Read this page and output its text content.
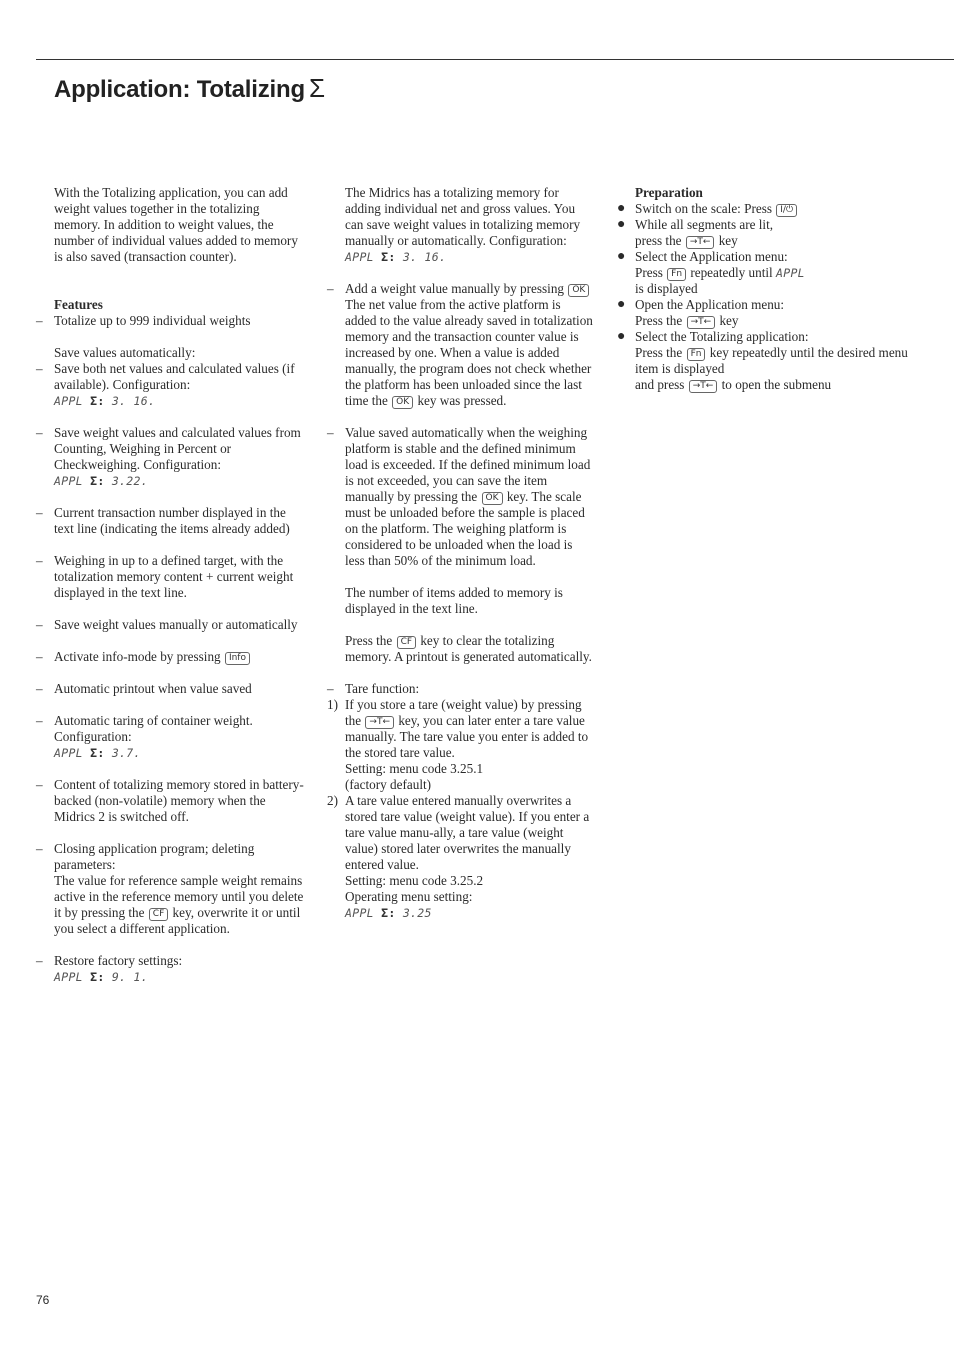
Application: Totalizing Σ

With the Totalizing application, you can add weight values together in the totalizing memory. In addition to weight values, the number of individual values added to memory is also saved (transaction counter).

Features

– Totalize up to 999 individual weights

Save values automatically:

– Save both net values and calculated values (if available). Configuration:
APPL Σ: 3. 16.
– Save weight values and calculated values from Counting, Weighing in Percent or Checkweighing. Configuration:
APPL Σ: 3.22.
– Current transaction number displayed in the text line (indicating the items already added)
– Weighing in up to a defined target, with the totalization memory content + current weight displayed in the text line.
– Save weight values manually or automatically
– Activate info-mode by pressing Info
– Automatic printout when value saved
– Automatic taring of container weight. Configuration:
APPL Σ: 3.7.
– Content of totalizing memory stored in battery-backed (non-volatile) memory when the Midrics 2 is switched off.
– Closing application program; deleting parameters:
The value for reference sample weight remains active in the reference memory until you delete it by pressing the CF key, overwrite it or until you select a different application.
– Restore factory settings:
APPL Σ: 9. 1.

The Midrics has a totalizing memory for adding individual net and gross values. You can save weight values in totalizing memory manually or automatically. Configuration:
APPL Σ: 3. 16.

– Add a weight value manually by pressing OK
The net value from the active platform is added to the value already saved in totalization memory and the transaction counter value is increased by one. When a value is added manually, the program does not check whether the platform has been unloaded since the last time the OK key was pressed.
– Value saved automatically when the weighing platform is stable and the defined minimum load is exceeded. If the defined minimum load is not exceeded, you can save the item manually by pressing the OK key. The scale must be unloaded before the sample is placed on the platform. The weighing platform is considered to be unloaded when the load is less than 50% of the minimum load.

The number of items added to memory is displayed in the text line.

Press the CF key to clear the totalizing memory. A printout is generated automatically.

– Tare function:
1) If you store a tare (weight value) by pressing the →T← key, you can later enter a tare value manually. The tare value you enter is added to the stored tare value.
Setting: menu code 3.25.1
(factory default)
2) A tare value entered manually overwrites a stored tare value (weight value). If you enter a tare value manu-ally, a tare value (weight value) stored later overwrites the manually entered value.
Setting: menu code 3.25.2
Operating menu setting:
APPL Σ: 3.25

Preparation

● Switch on the scale: Press I/⏻
● While all segments are lit,
press the →T← key
● Select the Application menu:
Press Fn repeatedly until APPL
is displayed
● Open the Application menu:
Press the →T← key
● Select the Totalizing application:
Press the Fn key repeatedly until the desired menu item is displayed
and press →T← to open the submenu

76
